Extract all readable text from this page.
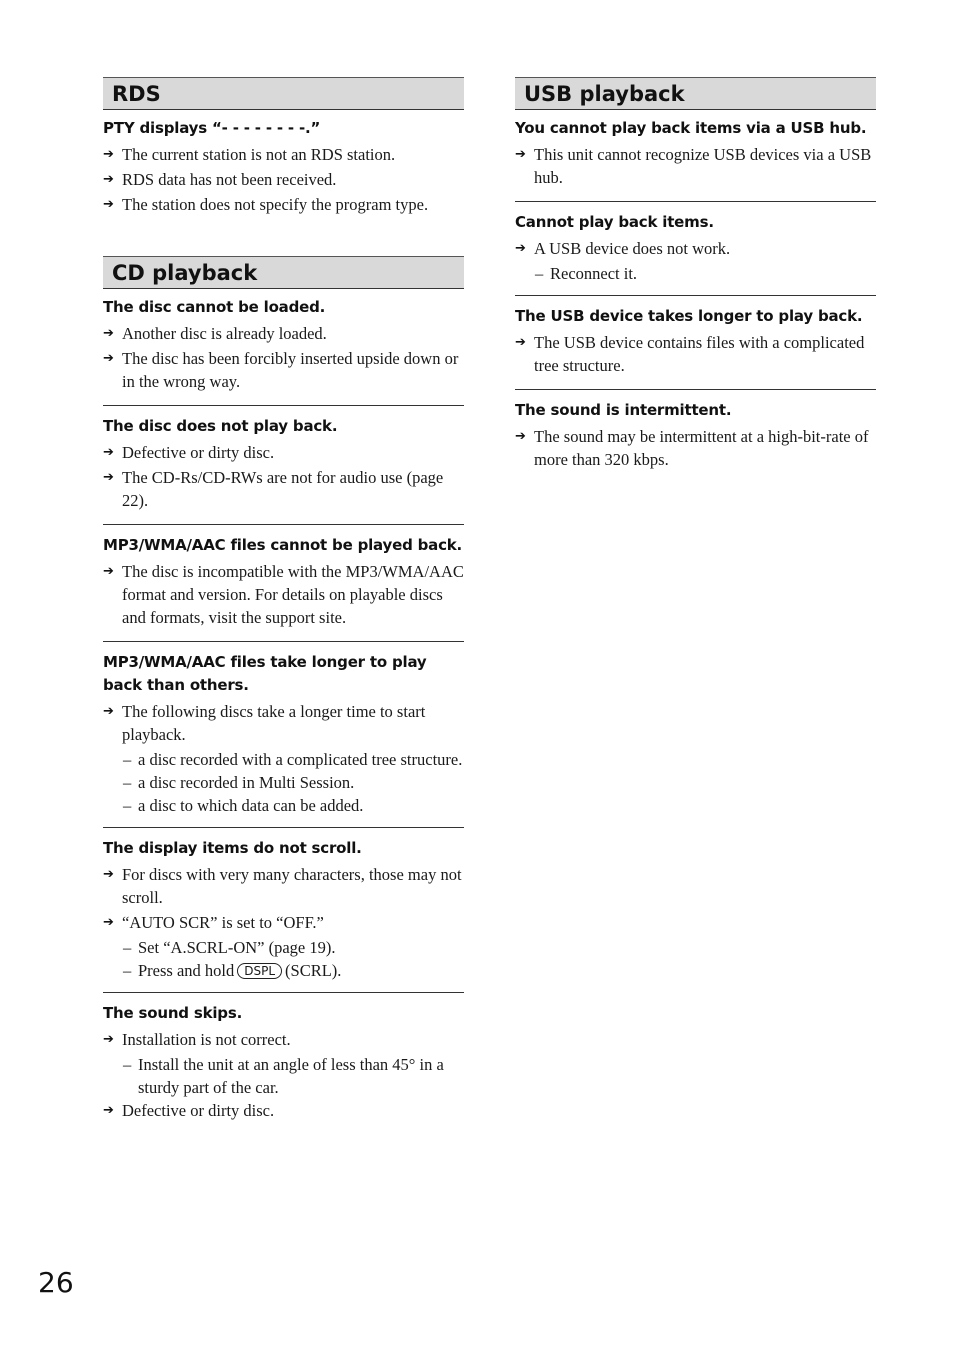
RDS
PTY displays “- - - - - - - -.”
➔ The current station is not an RDS station.
➔ RDS data has not been received.
➔ The station does not specify the program type.
CD playback
The disc cannot be loaded.
➔ Another disc is already loaded.
➔ The disc has been forcibly inserted upside down or in the wrong way.
The disc does not play back.
➔ Defective or dirty disc.
➔ The CD-Rs/CD-RWs are not for audio use (page 22).
MP3/WMA/AAC files cannot be played back.
➔ The disc is incompatible with the MP3/WMA/AAC format and version. For details on playable discs and formats, visit the support site.
MP3/WMA/AAC files take longer to play back than others.
➔ The following discs take a longer time to start playback.
– a disc recorded with a complicated tree structure.
– a disc recorded in Multi Session.
– a disc to which data can be added.
The display items do not scroll.
➔ For discs with very many characters, those may not scroll.
➔ “AUTO SCR” is set to “OFF.”
– Set “A.SCRL-ON” (page 19).
– Press and hold DSPL (SCRL).
The sound skips.
➔ Installation is not correct.
– Install the unit at an angle of less than 45° in a sturdy part of the car.
➔ Defective or dirty disc.
USB playback
You cannot play back items via a USB hub.
➔ This unit cannot recognize USB devices via a USB hub.
Cannot play back items.
➔ A USB device does not work.
– Reconnect it.
The USB device takes longer to play back.
➔ The USB device contains files with a complicated tree structure.
The sound is intermittent.
➔ The sound may be intermittent at a high-bit-rate of more than 320 kbps.
26
